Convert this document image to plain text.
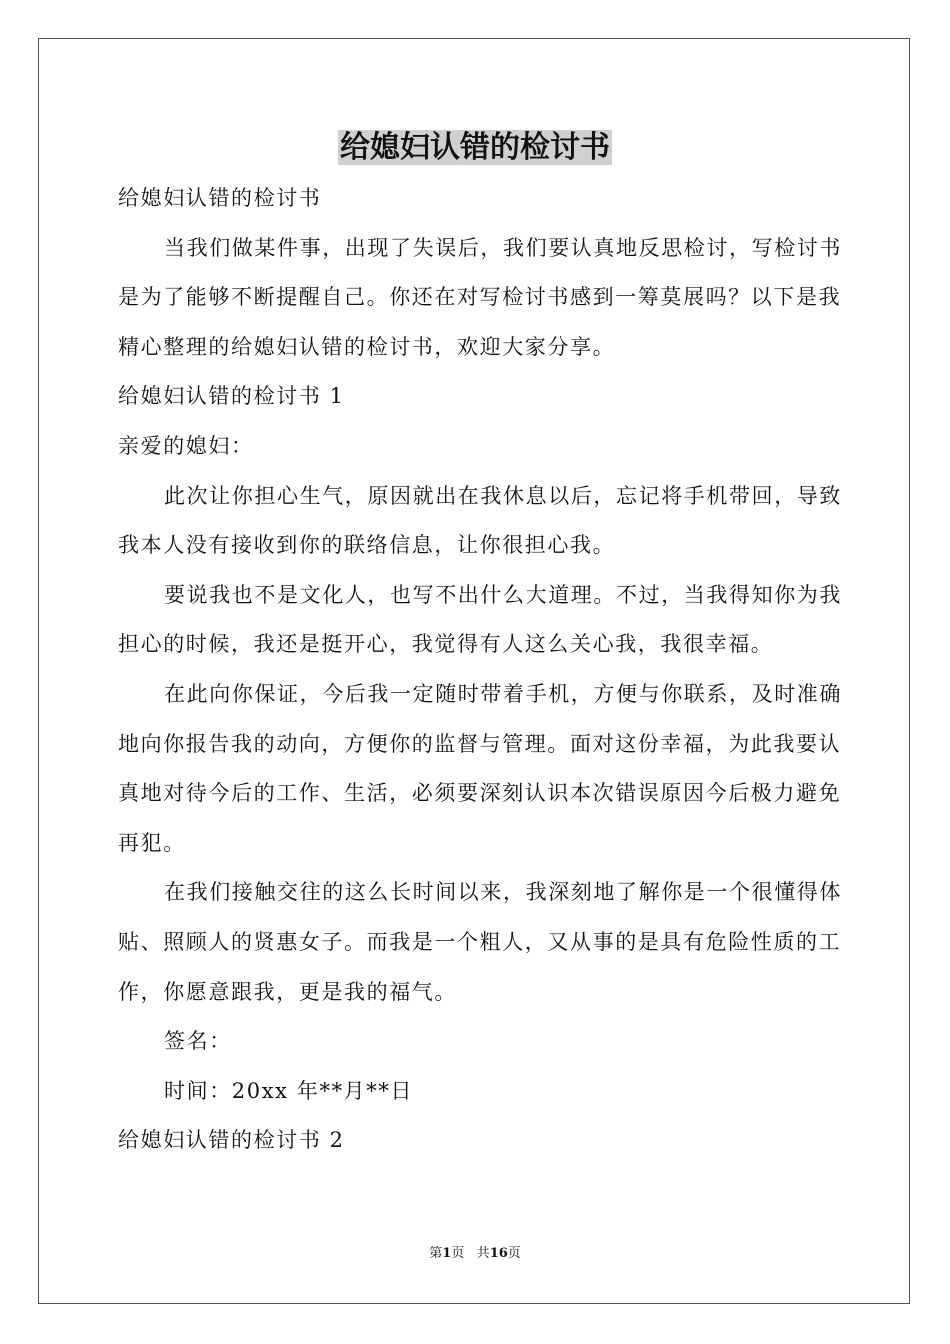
给媳妇认错的检讨书

给媳妇认错的检讨书

当我们做某件事，出现了失误后，我们要认真地反思检讨，写检讨书是为了能够不断提醒自己。你还在对写检讨书感到一筹莫展吗？以下是我精心整理的给媳妇认错的检讨书，欢迎大家分享。

给媳妇认错的检讨书 1

亲爱的媳妇：

此次让你担心生气，原因就出在我休息以后，忘记将手机带回，导致我本人没有接收到你的联络信息，让你很担心我。

要说我也不是文化人，也写不出什么大道理。不过，当我得知你为我担心的时候，我还是挺开心，我觉得有人这么关心我，我很幸福。

在此向你保证，今后我一定随时带着手机，方便与你联系，及时准确地向你报告我的动向，方便你的监督与管理。面对这份幸福，为此我要认真地对待今后的工作、生活，必须要深刻认识本次错误原因今后极力避免再犯。

在我们接触交往的这么长时间以来，我深刻地了解你是一个很懂得体贴、照顾人的贤惠女子。而我是一个粗人，又从事的是具有危险性质的工作，你愿意跟我，更是我的福气。

签名：

时间：20xx 年**月**日

给媳妇认错的检讨书 2

第1页 共16页
